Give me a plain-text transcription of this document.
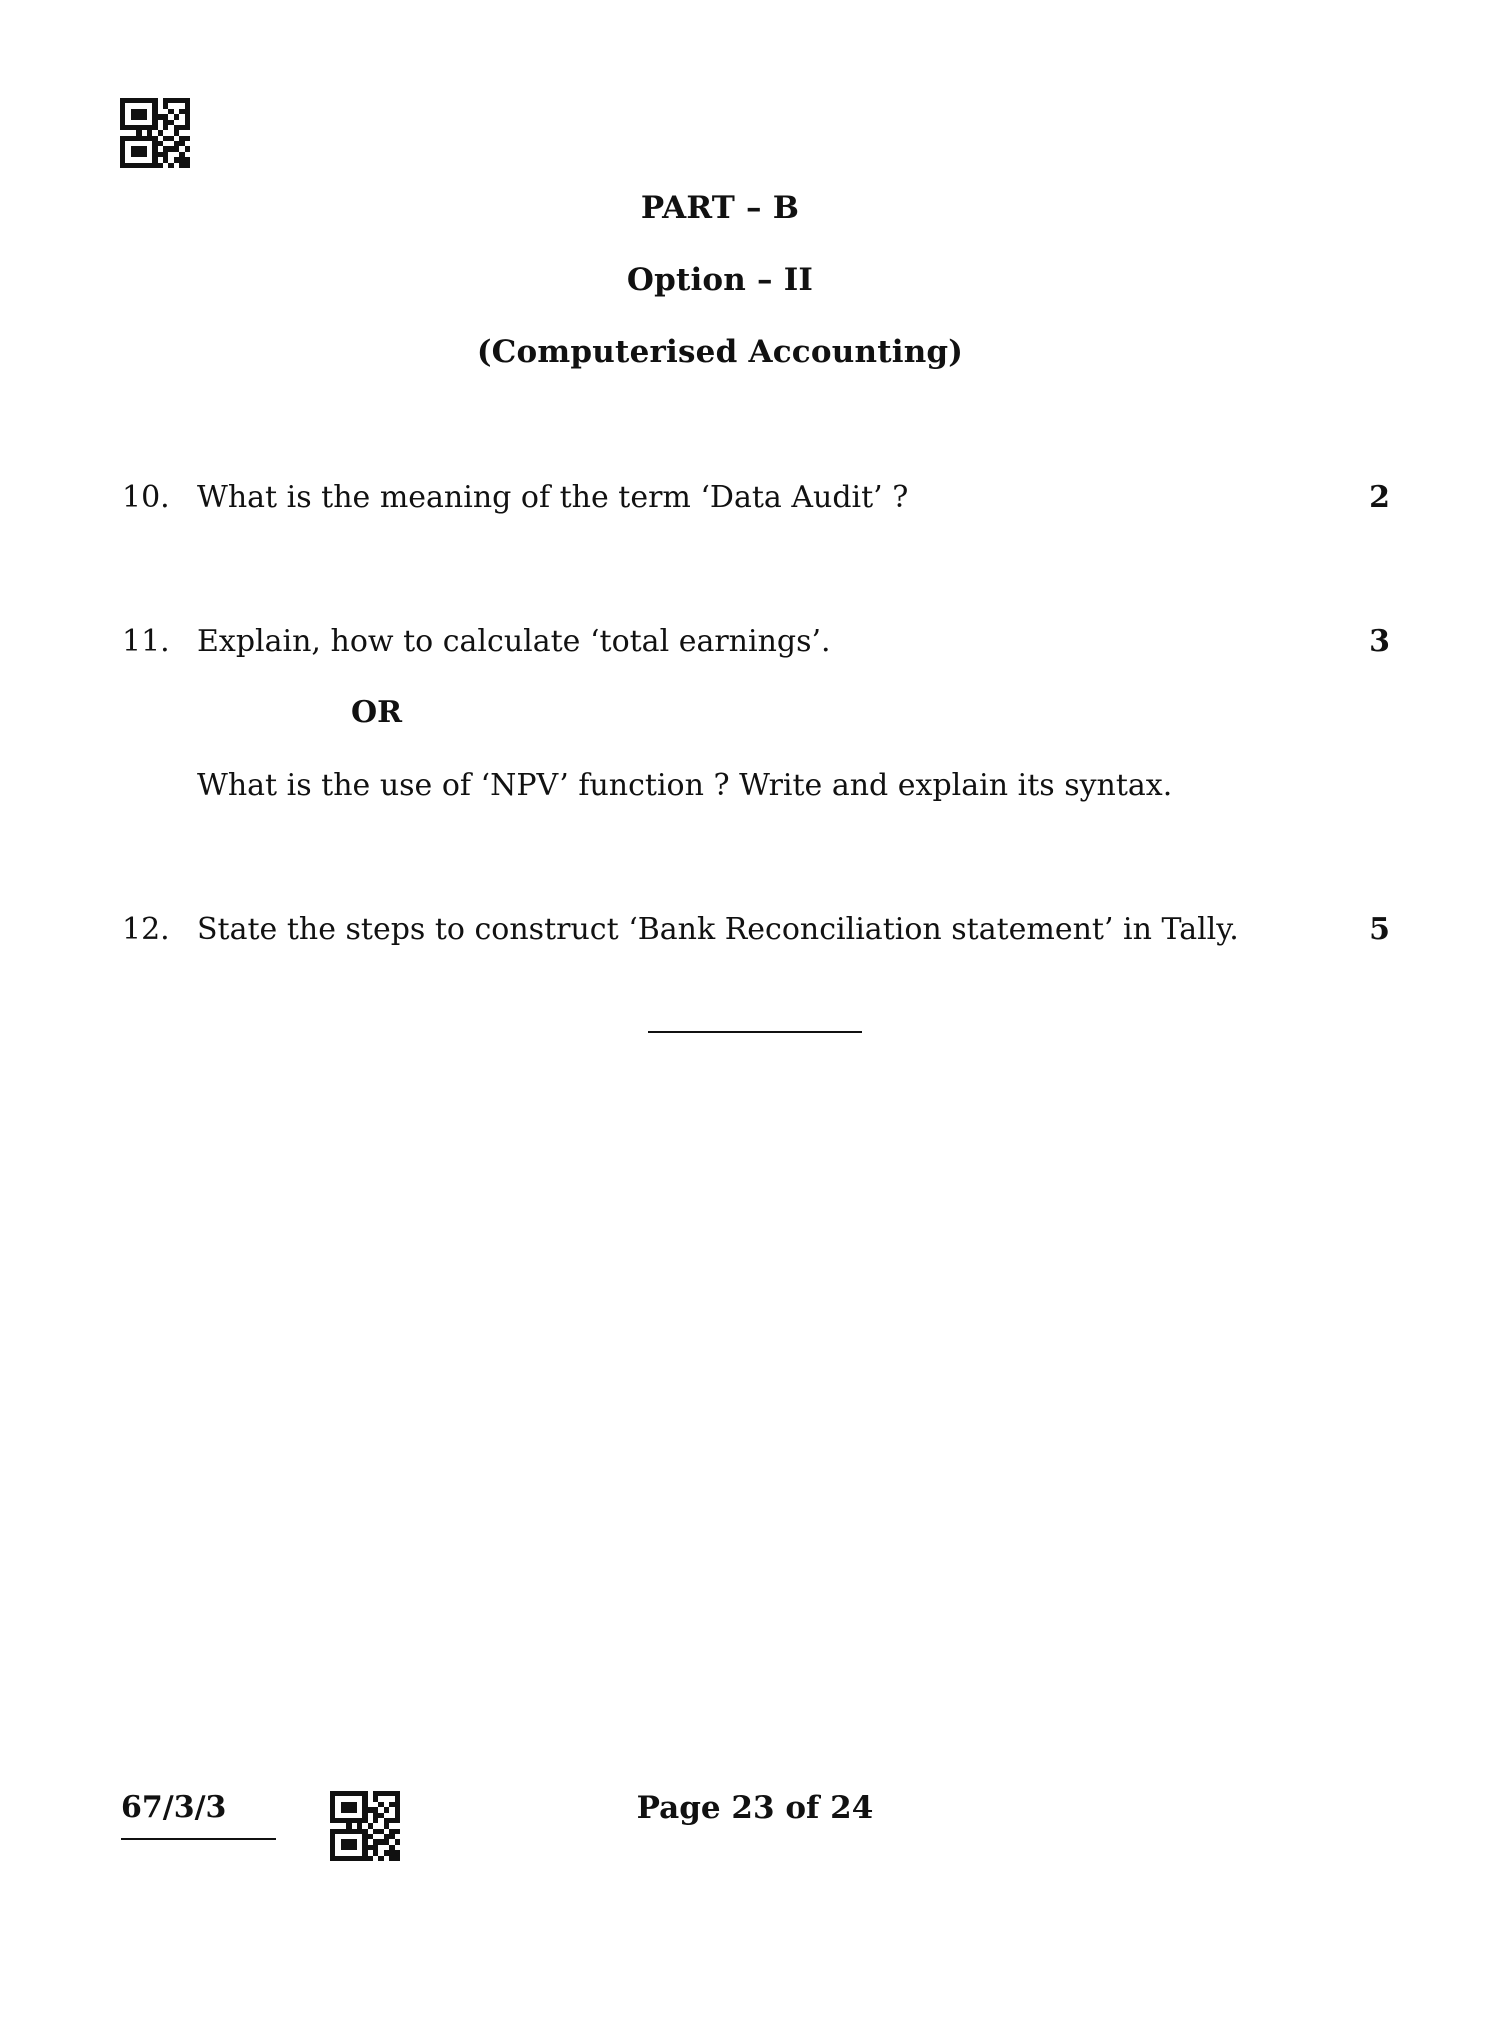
PART – B
Option – II
(Computerised Accounting)
10. What is the meaning of the term ‘Data Audit’ ?	2
11. Explain, how to calculate ‘total earnings’.	3
OR
What is the use of ‘NPV’ function ? Write and explain its syntax.
12. State the steps to construct ‘Bank Reconciliation statement’ in Tally.	5
67/3/3	Page 23 of 24
